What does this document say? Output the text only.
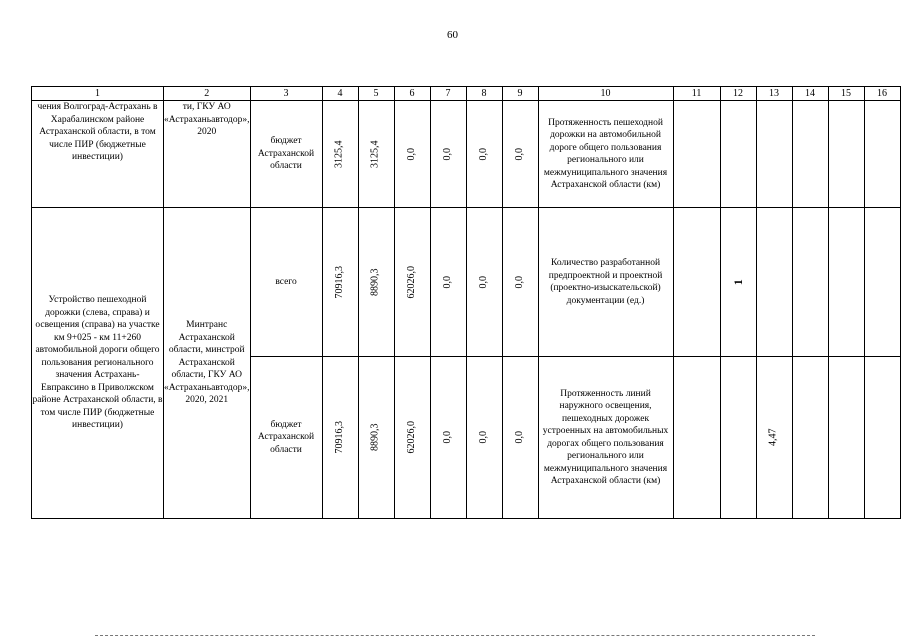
60
1	2	3	4	5	6	7	8	9	10	11	12	13	14	15	16
чения Волгоград-Астрахань в Харабалинском районе Астраханской области, в том числе ПИР (бюджетные инвестиции)	ти, ГКУ АО «Астраханьавтодор», 2020	бюджет Астраханской области	3125,4	3125,4	0,0	0,0	0,0	0,0	Протяженность пешеходной дорожки на автомобильной дороге общего пользования регионального или межмуниципального значения Астраханской области (км)						
Устройство пешеходной дорожки (слева, справа) и освещения (справа) на участке км 9+025 - км 11+260 автомобильной дороги общего пользования регионального значения Астрахань-Евпраксино в Приволжском районе Астраханской области, в том числе ПИР (бюджетные инвестиции)	Минтранс Астраханской области, минстрой Астраханской области, ГКУ АО «Астраханьавтодор», 2020, 2021	всего	70916,3	8890,3	62026,0	0,0	0,0	0,0	Количество разработанной предпроектной и проектной (проектно-изыскательской) документации (ед.)		1				

		бюджет Астраханской области	70916,3	8890,3	62026,0	0,0	0,0	0,0	Протяженность линий наружного освещения, пешеходных дорожек устроенных на автомобильных дорогах общего пользования регионального или межмуниципального значения Астраханской области (км)			4,47			
